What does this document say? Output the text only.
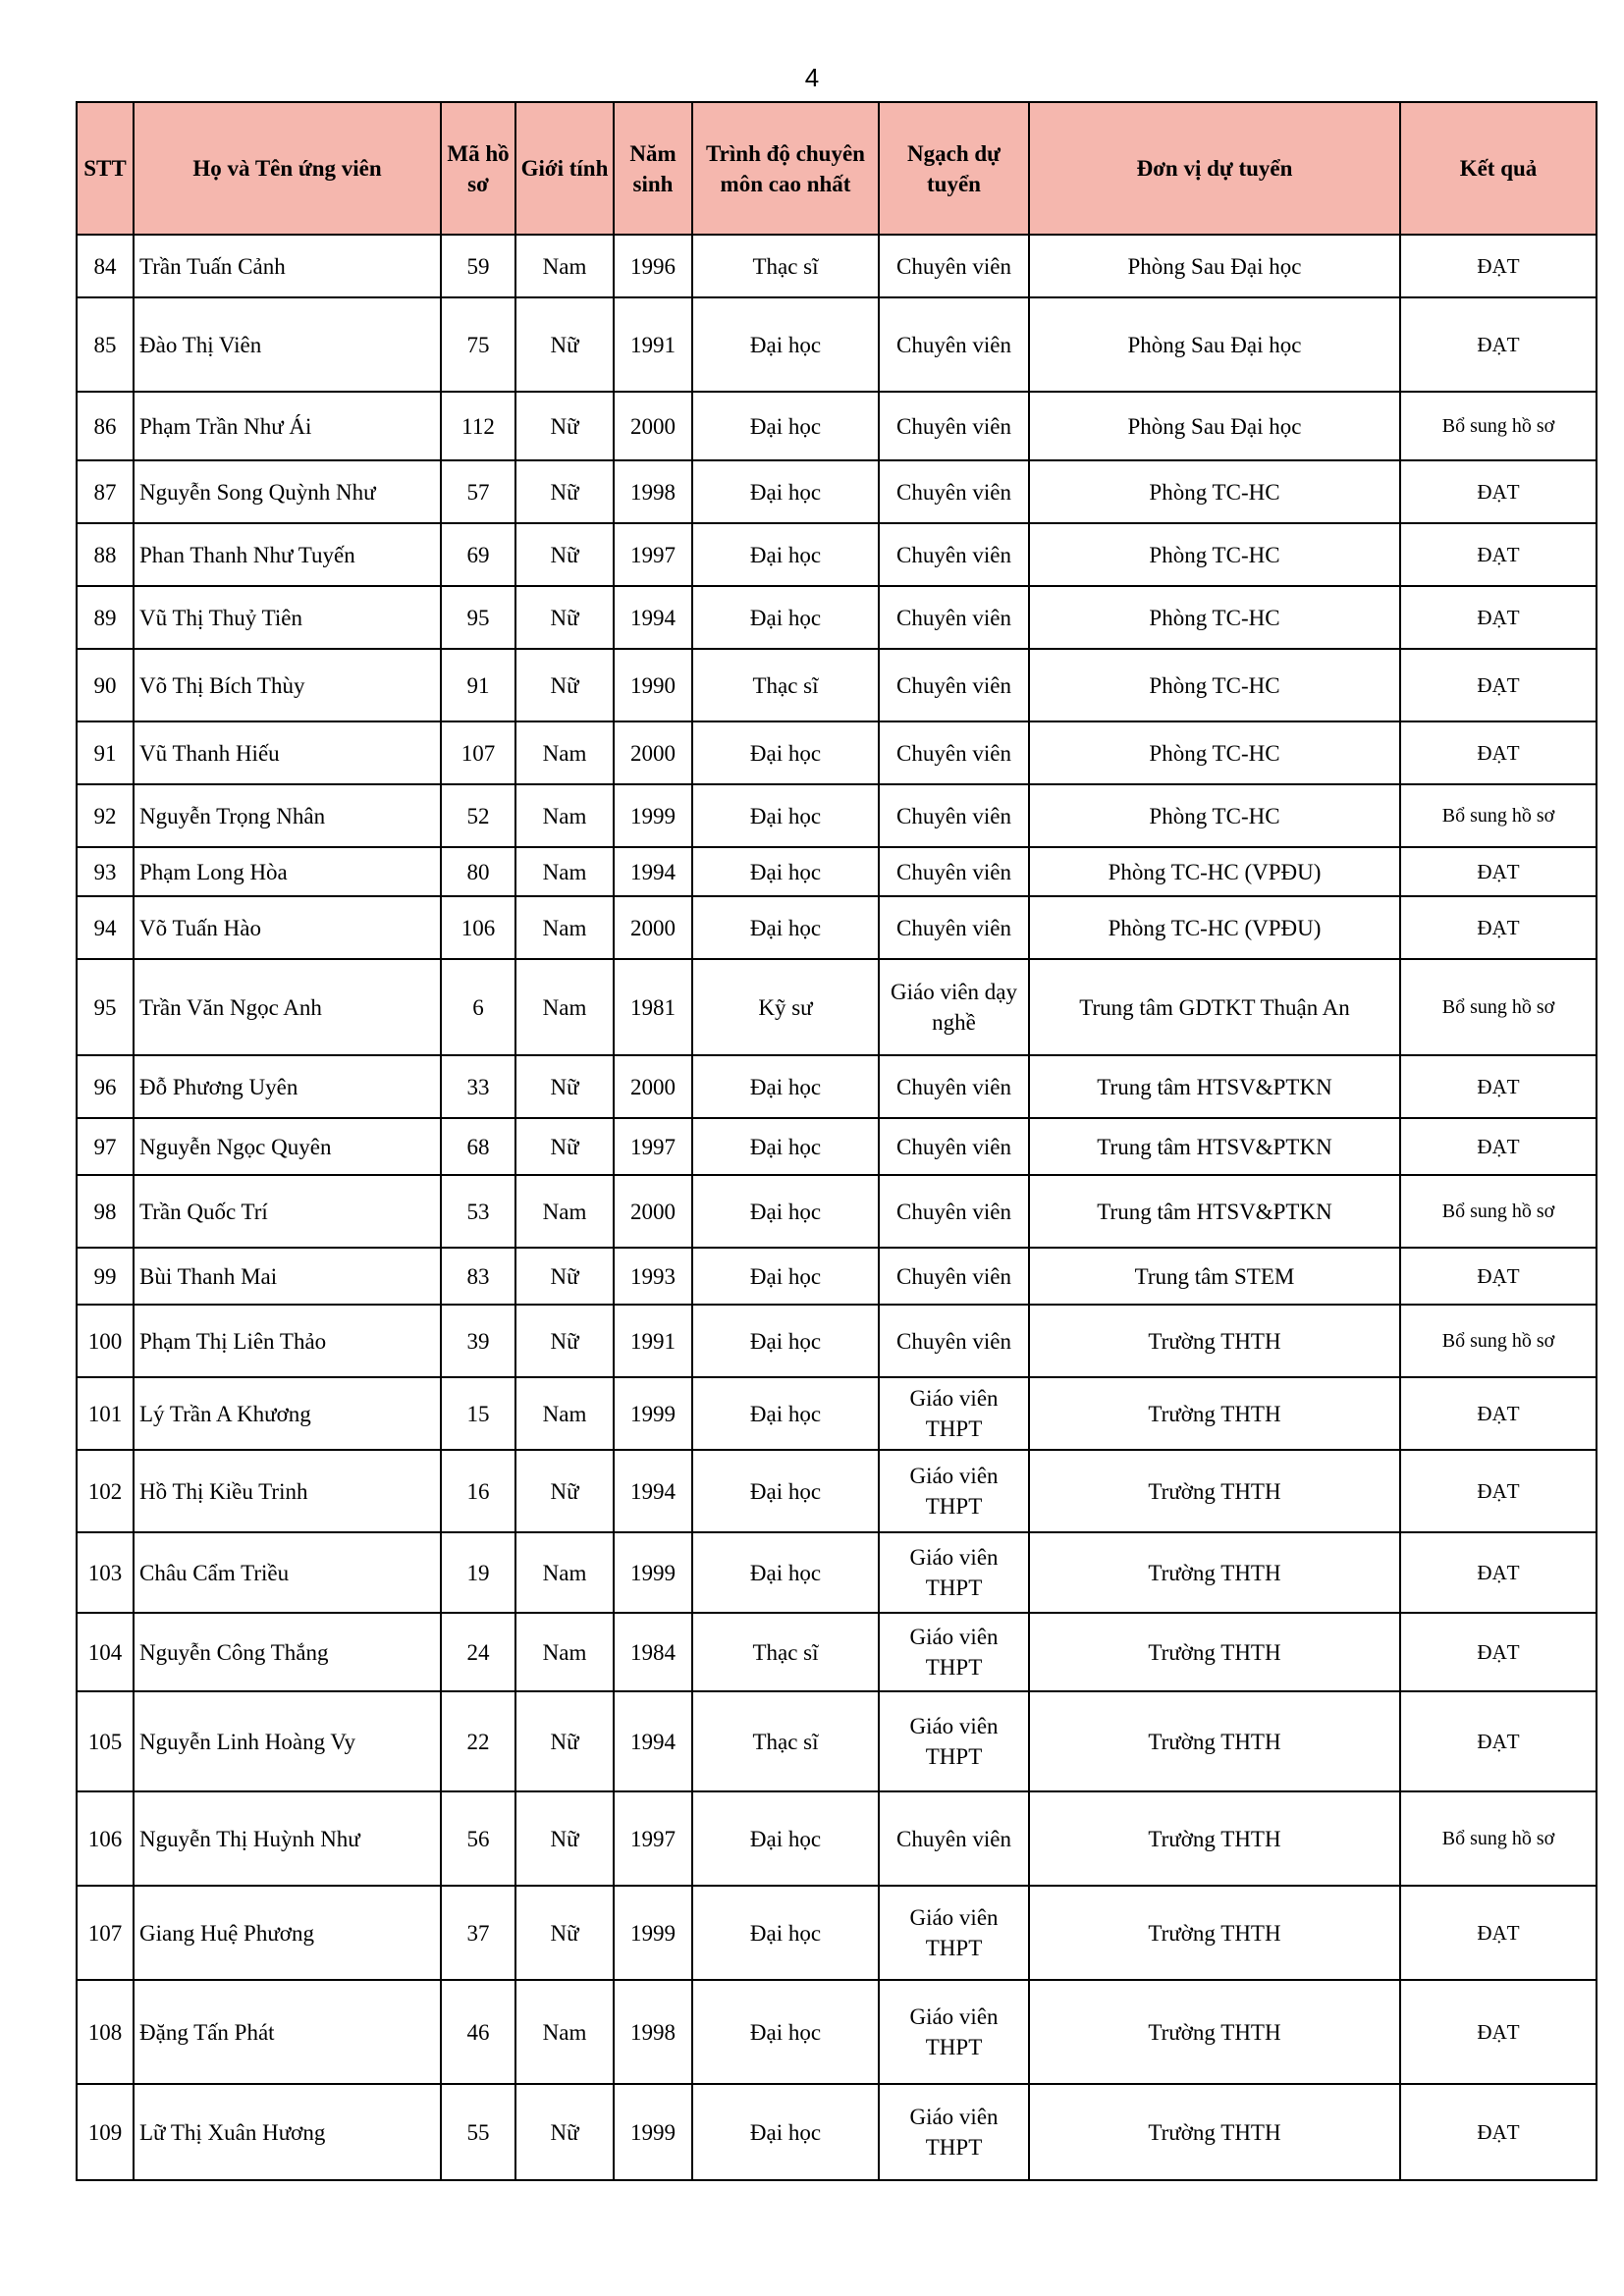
4
STT	Họ và Tên ứng viên	Mã hồ sơ	Giới tính	Năm sinh	Trình độ chuyên môn cao nhất	Ngạch dự tuyển	Đơn vị dự tuyển	Kết quả
84	Trần Tuấn Cảnh	59	Nam	1996	Thạc sĩ	Chuyên viên	Phòng Sau Đại học	ĐẠT
85	Đào Thị Viên	75	Nữ	1991	Đại học	Chuyên viên	Phòng Sau Đại học	ĐẠT
86	Phạm Trần Như Ái	112	Nữ	2000	Đại học	Chuyên viên	Phòng Sau Đại học	Bổ sung hồ sơ
87	Nguyễn Song Quỳnh Như	57	Nữ	1998	Đại học	Chuyên viên	Phòng TC-HC	ĐẠT
88	Phan Thanh Như Tuyến	69	Nữ	1997	Đại học	Chuyên viên	Phòng TC-HC	ĐẠT
89	Vũ Thị Thuỷ Tiên	95	Nữ	1994	Đại học	Chuyên viên	Phòng TC-HC	ĐẠT
90	Võ Thị Bích Thùy	91	Nữ	1990	Thạc sĩ	Chuyên viên	Phòng TC-HC	ĐẠT
91	Vũ Thanh Hiếu	107	Nam	2000	Đại học	Chuyên viên	Phòng TC-HC	ĐẠT
92	Nguyễn Trọng Nhân	52	Nam	1999	Đại học	Chuyên viên	Phòng TC-HC	Bổ sung hồ sơ
93	Phạm Long Hòa	80	Nam	1994	Đại học	Chuyên viên	Phòng TC-HC (VPĐU)	ĐẠT
94	Võ Tuấn Hào	106	Nam	2000	Đại học	Chuyên viên	Phòng TC-HC (VPĐU)	ĐẠT
95	Trần Văn Ngọc Anh	6	Nam	1981	Kỹ sư	Giáo viên dạy nghề	Trung tâm GDTKT Thuận An	Bổ sung hồ sơ
96	Đỗ Phương Uyên	33	Nữ	2000	Đại học	Chuyên viên	Trung tâm HTSV&PTKN	ĐẠT
97	Nguyễn Ngọc Quyên	68	Nữ	1997	Đại học	Chuyên viên	Trung tâm HTSV&PTKN	ĐẠT
98	Trần Quốc Trí	53	Nam	2000	Đại học	Chuyên viên	Trung tâm HTSV&PTKN	Bổ sung hồ sơ
99	Bùi Thanh Mai	83	Nữ	1993	Đại học	Chuyên viên	Trung tâm STEM	ĐẠT
100	Phạm Thị Liên Thảo	39	Nữ	1991	Đại học	Chuyên viên	Trường THTH	Bổ sung hồ sơ
101	Lý Trần A Khương	15	Nam	1999	Đại học	Giáo viên THPT	Trường THTH	ĐẠT
102	Hồ Thị Kiều Trinh	16	Nữ	1994	Đại học	Giáo viên THPT	Trường THTH	ĐẠT
103	Châu Cẩm Triều	19	Nam	1999	Đại học	Giáo viên THPT	Trường THTH	ĐẠT
104	Nguyễn Công Thắng	24	Nam	1984	Thạc sĩ	Giáo viên THPT	Trường THTH	ĐẠT
105	Nguyễn Linh Hoàng Vy	22	Nữ	1994	Thạc sĩ	Giáo viên THPT	Trường THTH	ĐẠT
106	Nguyễn Thị Huỳnh Như	56	Nữ	1997	Đại học	Chuyên viên	Trường THTH	Bổ sung hồ sơ
107	Giang Huệ Phương	37	Nữ	1999	Đại học	Giáo viên THPT	Trường THTH	ĐẠT
108	Đặng Tấn Phát	46	Nam	1998	Đại học	Giáo viên THPT	Trường THTH	ĐẠT
109	Lữ Thị Xuân Hương	55	Nữ	1999	Đại học	Giáo viên THPT	Trường THTH	ĐẠT
